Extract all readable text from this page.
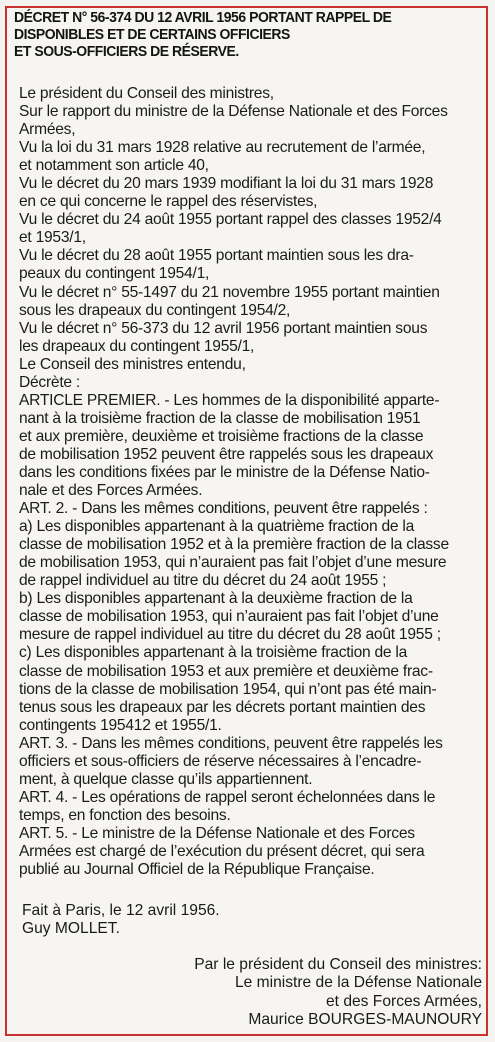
DÉCRET N° 56-374 DU 12 AVRIL 1956 PORTANT RAPPEL DE
DISPONIBLES ET DE CERTAINS OFFICIERS
ET SOUS-OFFICIERS DE RÉSERVE.
Le président du Conseil des ministres,
Sur le rapport du ministre de la Défense Nationale et des Forces
Armées,
Vu la loi du 31 mars 1928 relative au recrutement de l’armée,
et notamment son article 40,
Vu le décret du 20 mars 1939 modifiant la loi du 31 mars 1928
en ce qui concerne le rappel des réservistes,
Vu le décret du 24 août 1955 portant rappel des classes 1952/4
et 1953/1,
Vu le décret du 28 août 1955 portant maintien sous les dra-
peaux du contingent 1954/1,
Vu le décret n° 55-1497 du 21 novembre 1955 portant maintien
sous les drapeaux du contingent 1954/2,
Vu le décret n° 56-373 du 12 avril 1956 portant maintien sous
les drapeaux du contingent 1955/1,
Le Conseil des ministres entendu,
Décrète :
ARTICLE PREMIER. - Les hommes de la disponibilité apparte-
nant à la troisième fraction de la classe de mobilisation 1951
et aux première, deuxième et troisième fractions de la classe
de mobilisation 1952 peuvent être rappelés sous les drapeaux
dans les conditions fixées par le ministre de la Défense Natio-
nale et des Forces Armées.
ART. 2. - Dans les mêmes conditions, peuvent être rappelés :
a) Les disponibles appartenant à la quatrième fraction de la
classe de mobilisation 1952 et à la première fraction de la classe
de mobilisation 1953, qui n’auraient pas fait l’objet d’une mesure
de rappel individuel au titre du décret du 24 août 1955 ;
b) Les disponibles appartenant à la deuxième fraction de la
classe de mobilisation 1953, qui n’auraient pas fait l’objet d’une
mesure de rappel individuel au titre du décret du 28 août 1955 ;
c) Les disponibles appartenant à la troisième fraction de la
classe de mobilisation 1953 et aux première et deuxième frac-
tions de la classe de mobilisation 1954, qui n’ont pas été main-
tenus sous les drapeaux par les décrets portant maintien des
contingents 195412 et 1955/1.
ART. 3. - Dans les mêmes conditions, peuvent être rappelés les
officiers et sous-officiers de réserve nécessaires à l’encadre-
ment, à quelque classe qu’ils appartiennent.
ART. 4. - Les opérations de rappel seront échelonnées dans le
temps, en fonction des besoins.
ART. 5. - Le ministre de la Défense Nationale et des Forces
Armées est chargé de l’exécution du présent décret, qui sera
publié au Journal Officiel de la République Française.
Fait à Paris, le 12 avril 1956.
Guy MOLLET.
Par le président du Conseil des ministres:
Le ministre de la Défense Nationale
et des Forces Armées,
Maurice BOURGES-MAUNOURY
